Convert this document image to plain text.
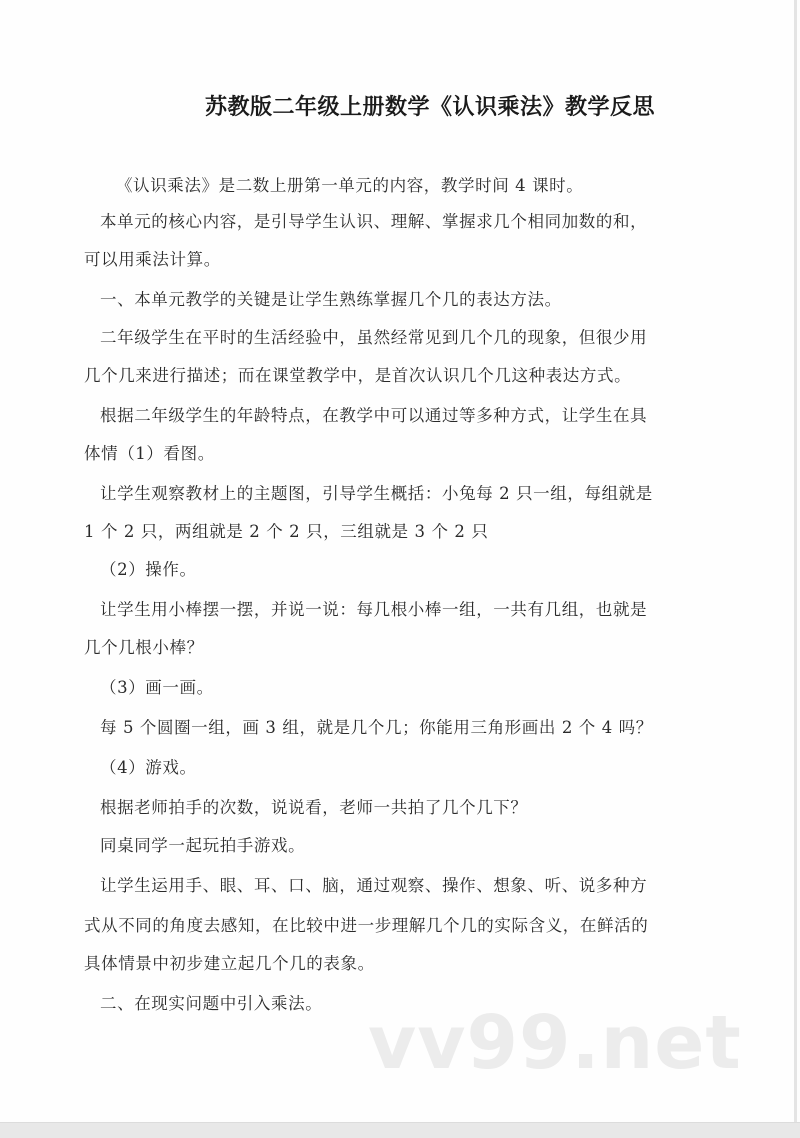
苏教版二年级上册数学《认识乘法》教学反思
《认识乘法》是二数上册第一单元的内容，教学时间 4 课时。
本单元的核心内容，是引导学生认识、理解、掌握求几个相同加数的和，
可以用乘法计算。
一、本单元教学的关键是让学生熟练掌握几个几的表达方法。
二年级学生在平时的生活经验中，虽然经常见到几个几的现象，但很少用
几个几来进行描述；而在课堂教学中，是首次认识几个几这种表达方式。
根据二年级学生的年龄特点，在教学中可以通过等多种方式，让学生在具
体情（1）看图。
让学生观察教材上的主题图，引导学生概括：小兔每 2 只一组，每组就是
1 个 2 只，两组就是 2 个 2 只，三组就是 3 个 2 只
（2）操作。
让学生用小棒摆一摆，并说一说：每几根小棒一组，一共有几组，也就是
几个几根小棒？
（3）画一画。
每 5 个圆圈一组，画 3 组，就是几个几；你能用三角形画出 2 个 4 吗？
（4）游戏。
根据老师拍手的次数，说说看，老师一共拍了几个几下？
同桌同学一起玩拍手游戏。
让学生运用手、眼、耳、口、脑，通过观察、操作、想象、听、说多种方
式从不同的角度去感知，在比较中进一步理解几个几的实际含义，在鲜活的
具体情景中初步建立起几个几的表象。
二、在现实问题中引入乘法。 vv99.net
